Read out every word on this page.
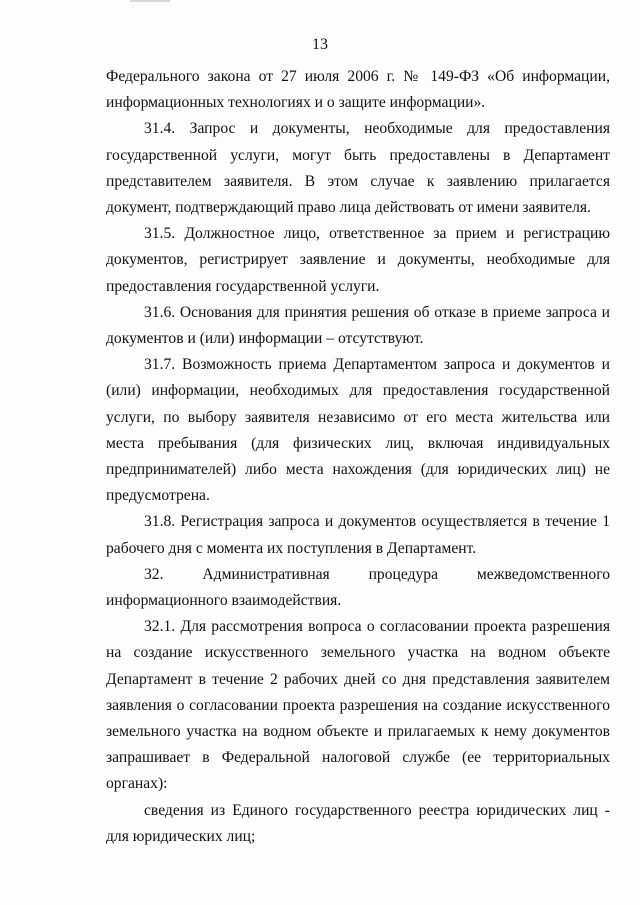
13

Федерального закона от 27 июля 2006 г. № 149-ФЗ «Об информации, информационных технологиях и о защите информации».

31.4. Запрос и документы, необходимые для предоставления государственной услуги, могут быть предоставлены в Департамент представителем заявителя. В этом случае к заявлению прилагается документ, подтверждающий право лица действовать от имени заявителя.

31.5. Должностное лицо, ответственное за прием и регистрацию документов, регистрирует заявление и документы, необходимые для предоставления государственной услуги.

31.6. Основания для принятия решения об отказе в приеме запроса и документов и (или) информации – отсутствуют.

31.7. Возможность приема Департаментом запроса и документов и (или) информации, необходимых для предоставления государственной услуги, по выбору заявителя независимо от его места жительства или места пребывания (для физических лиц, включая индивидуальных предпринимателей) либо места нахождения (для юридических лиц) не предусмотрена.

31.8. Регистрация запроса и документов осуществляется в течение 1 рабочего дня с момента их поступления в Департамент.

32. Административная процедура межведомственного информационного взаимодействия.

32.1. Для рассмотрения вопроса о согласовании проекта разрешения на создание искусственного земельного участка на водном объекте Департамент в течение 2 рабочих дней со дня представления заявителем заявления о согласовании проекта разрешения на создание искусственного земельного участка на водном объекте и прилагаемых к нему документов запрашивает в Федеральной налоговой службе (ее территориальных органах):

сведения из Единого государственного реестра юридических лиц - для юридических лиц;
